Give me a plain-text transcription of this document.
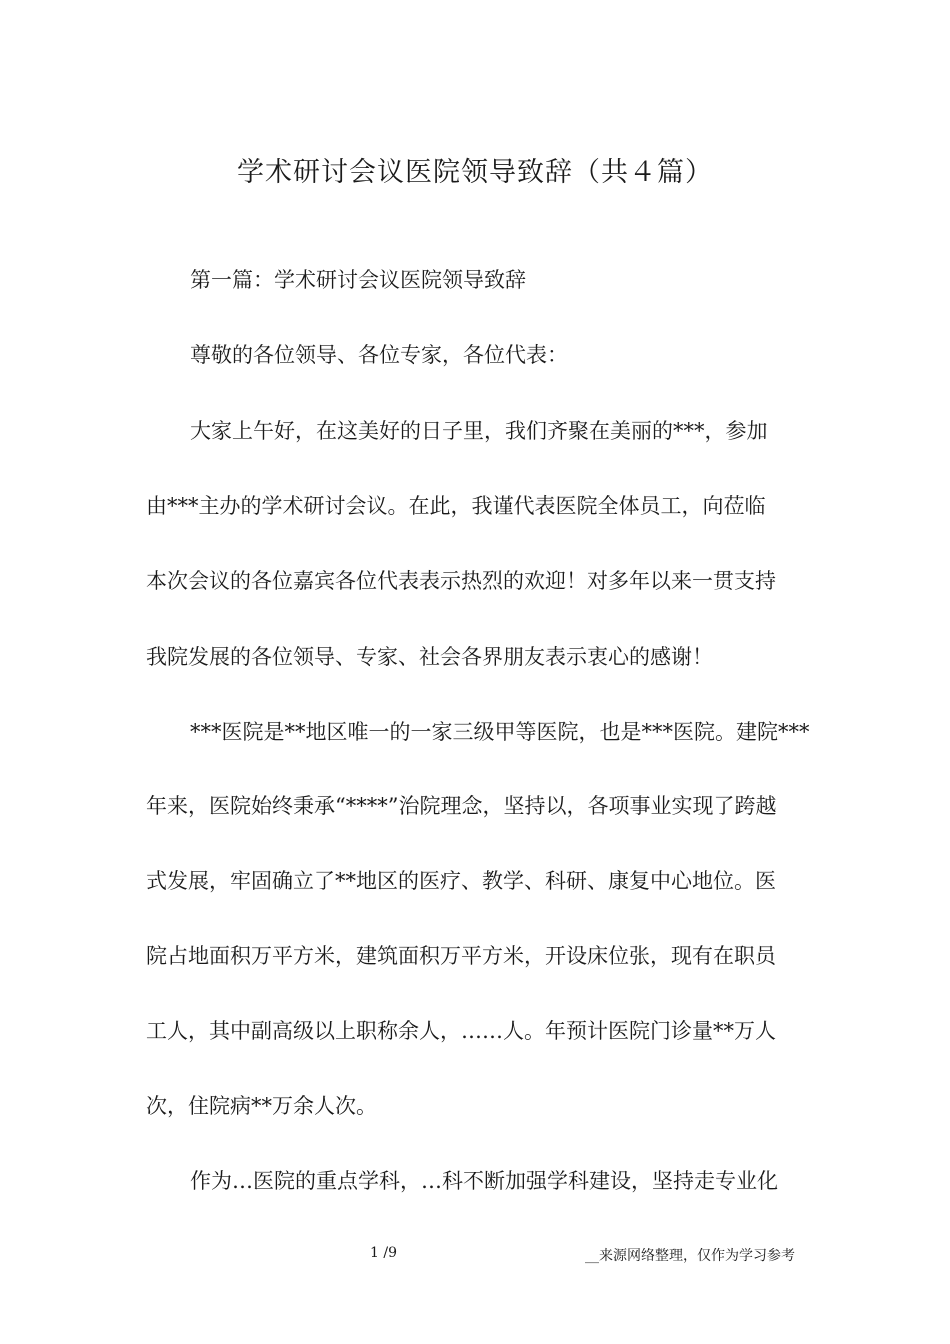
学术研讨会议医院领导致辞（共４篇）

第一篇：学术研讨会议医院领导致辞

尊敬的各位领导、各位专家，各位代表：

大家上午好，在这美好的日子里，我们齐聚在美丽的***，参加

由***主办的学术研讨会议。在此，我谨代表医院全体员工，向莅临

本次会议的各位嘉宾各位代表表示热烈的欢迎！对多年以来一贯支持

我院发展的各位领导、专家、社会各界朋友表示衷心的感谢！

***医院是**地区唯一的一家三级甲等医院，也是***医院。建院***

年来，医院始终秉承“****”治院理念，坚持以，各项事业实现了跨越

式发展，牢固确立了**地区的医疗、教学、科研、康复中心地位。医

院占地面积万平方米，建筑面积万平方米，开设床位张，现有在职员

工人，其中副高级以上职称余人，……人。年预计医院门诊量**万人

次，住院病**万余人次。

作为…医院的重点学科，…科不断加强学科建设，坚持走专业化

1 /9	__来源网络整理，仅作为学习参考
